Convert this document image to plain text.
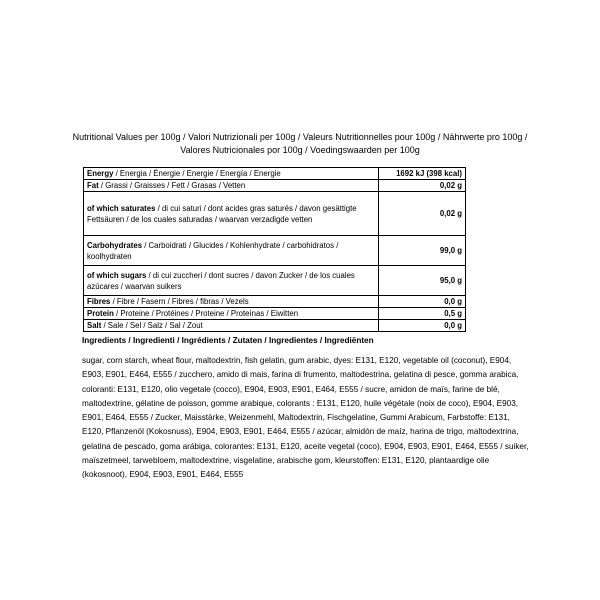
Nutritional Values per 100g / Valori Nutrizionali per 100g / Valeurs Nutritionnelles pour 100g / Nährwerte pro 100g /
Valores Nutricionales por 100g / Voedingswaarden per 100g
Energy / Energia / Énergie / Energie / Energía / Energie	1692 kJ (398 kcal)
Fat / Grassi / Graisses / Fett / Grasas / Vetten	0,02 g
of which saturates / di cui saturi / dont acides gras saturés / davon gesättigte Fettsäuren / de los cuales saturadas / waarvan verzadigde vetten	0,02 g
Carbohydrates / Carboidrati / Glucides / Kohlenhydrate / carbohidratos / koolhydraten	99,0 g
of which sugars / di cui zuccheri / dont sucres / davon Zucker / de los cuales azúcares / waarvan suikers	95,0 g
Fibres / Fibre / Fasern / Fibres / fibras / Vezels	0,0 g
Protein / Proteine / Protéines / Proteine / Proteínas / Eiwitten	0,5 g
Salt / Sale / Sel / Salz / Sal / Zout	0,0 g
Ingredients / Ingredienti / Ingrédients / Zutaten / Ingredientes / Ingrediënten
sugar, corn starch, wheat flour, maltodextrin, fish gelatin, gum arabic, dyes: E131, E120, vegetable oil (coconut), E904,
E903, E901, E464, E555 / zucchero, amido di mais, farina di frumento, maltodestrina, gelatina di pesce, gomma arabica,
coloranti: E131, E120, olio vegetale (cocco), E904, E903, E901, E464, E555 / sucre, amidon de maïs, farine de blé,
maltodextrine, gélatine de poisson, gomme arabique, colorants : E131, E120, huile végétale (noix de coco), E904, E903,
E901, E464, E555 / Zucker, Maisstärke, Weizenmehl, Maltodextrin, Fischgelatine, Gummi Arabicum, Farbstoffe: E131,
E120, Pflanzenöl (Kokosnuss), E904, E903, E901, E464, E555 / azúcar, almidón de maíz, harina de trigo, maltodextrina,
gelatina de pescado, goma arábiga, colorantes: E131, E120, aceite vegetal (coco), E904, E903, E901, E464, E555 / suiker,
maïszetmeel, tarwebloem, maltodextrine, visgelatine, arabische gom, kleurstoffen: E131, E120, plantaardige olie
(kokosnoot), E904, E903, E901, E464, E555
